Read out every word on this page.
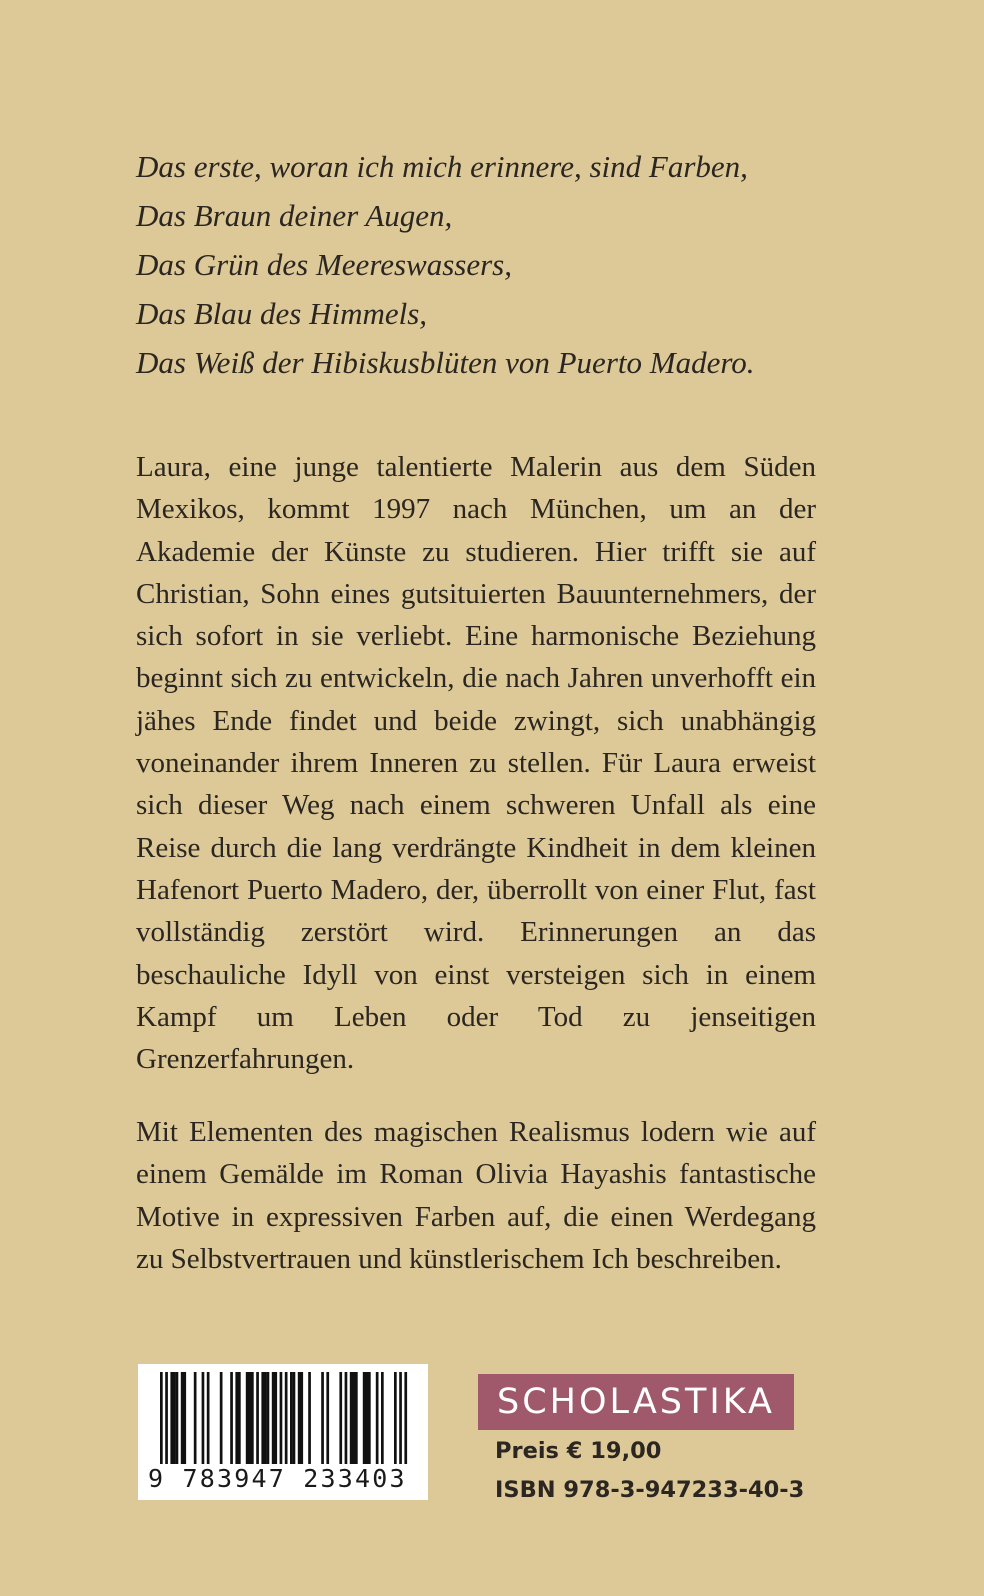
Das erste, woran ich mich erinnere, sind Farben,
Das Braun deiner Augen,
Das Grün des Meereswassers,
Das Blau des Himmels,
Das Weiß der Hibiskusblüten von Puerto Madero.

Laura, eine junge talentierte Malerin aus dem Süden Mexikos, kommt 1997 nach München, um an der Akademie der Künste zu studieren. Hier trifft sie auf Christian, Sohn eines gutsituierten Bauunternehmers, der sich sofort in sie verliebt. Eine harmonische Beziehung beginnt sich zu entwickeln, die nach Jahren unverhofft ein jähes Ende findet und beide zwingt, sich unabhängig voneinander ihrem Inneren zu stellen. Für Laura erweist sich dieser Weg nach einem schweren Unfall als eine Reise durch die lang verdrängte Kindheit in dem kleinen Hafenort Puerto Madero, der, überrollt von einer Flut, fast vollständig zerstört wird. Erinnerungen an das beschauliche Idyll von einst versteigen sich in einem Kampf um Leben oder Tod zu jenseitigen Grenzerfahrungen.

Mit Elementen des magischen Realismus lodern wie auf einem Gemälde im Roman Olivia Hayashis fantastische Motive in expressiven Farben auf, die einen Werdegang zu Selbstvertrauen und künstlerischem Ich beschreiben.

9 783947 233403
SCHOLASTIKA
Preis € 19,00
ISBN 978-3-947233-40-3
